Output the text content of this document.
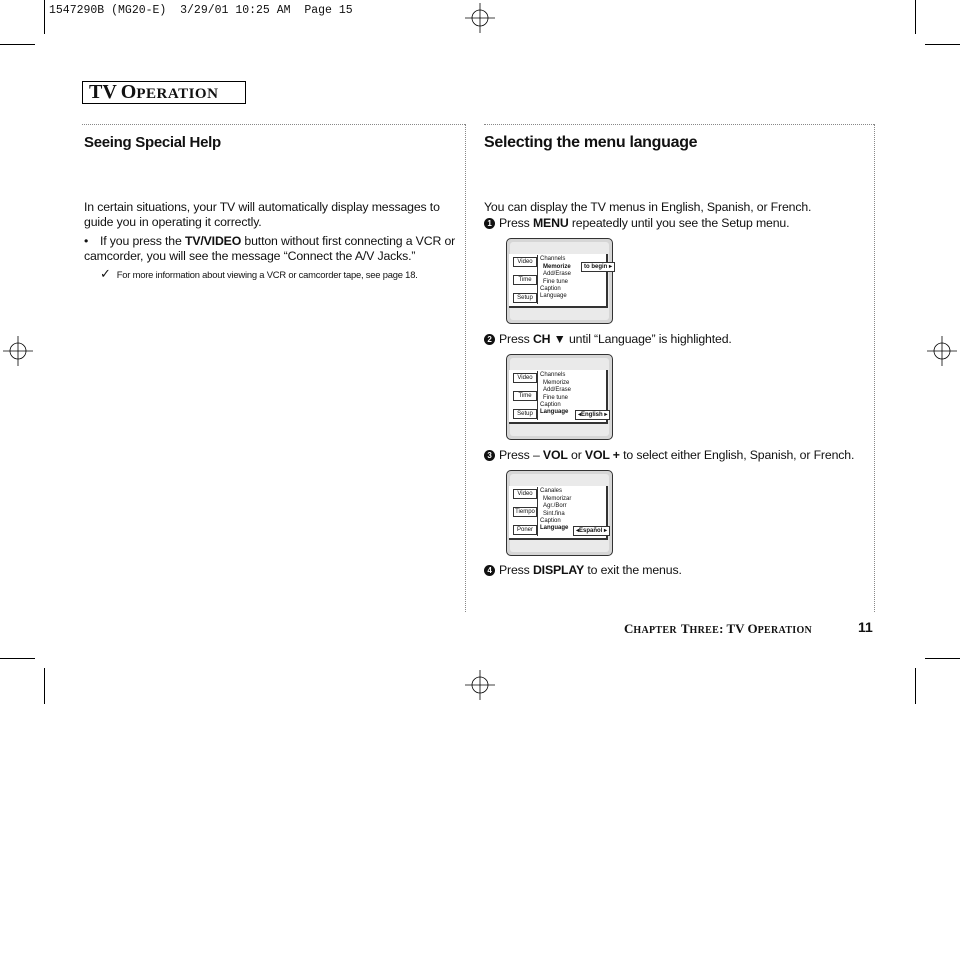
1547290B (MG20-E)  3/29/01 10:25 AM  Page 15
TV OPERATION
Seeing Special Help
In certain situations, your TV will automatically display messages to guide you in operating it correctly.
• If you press the TV/VIDEO button without first connecting a VCR or camcorder, you will see the message “Connect the A/V Jacks.”
✓ For more information about viewing a VCR or camcorder tape, see page 18.
Selecting the menu language
You can display the TV menus in English, Spanish, or French.
1 Press MENU repeatedly until you see the Setup menu.
Video
Time
Setup
Channels
Memorize
Add/Erase
Fine tune
Caption
Language
to begin ▸
2 Press CH ▼ until “Language” is highlighted.
Video
Time
Setup
Channels
Memorize
Add/Erase
Fine tune
Caption
Language	◂English ▸
3 Press – VOL or VOL + to select either English, Spanish, or French.
Video
Tiempo
Poner
Canales
Memorizar
Agr./Borr
Sint.fina
Caption
Language	◂Español ▸
4 Press DISPLAY to exit the menus.
CHAPTER THREE: TV OPERATION	11
